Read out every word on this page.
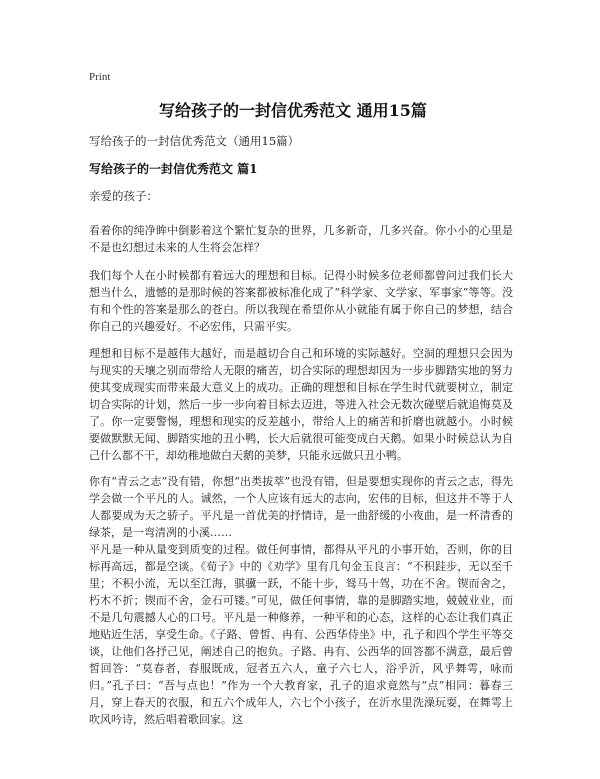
Print
写给孩子的一封信优秀范文 通用15篇
写给孩子的一封信优秀范文（通用15篇）
写给孩子的一封信优秀范文 篇1
亲爱的孩子：

看着你的纯净眸中倒影着这个繁忙复杂的世界，几多新奇，几多兴奋。你小小的心里是不是也幻想过未来的人生将会怎样？

我们每个人在小时候都有着远大的理想和目标。记得小时候多位老师都曾问过我们长大想当什么，遗憾的是那时候的答案都被标准化成了“科学家、文学家、军事家”等等。没有和个性的答案是那么的苍白。所以我现在希望你从小就能有属于你自己的梦想，结合你自己的兴趣爱好。不必宏伟，只需平实。

理想和目标不是越伟大越好，而是越切合自己和环境的实际越好。空洞的理想只会因为与现实的天壤之别而带给人无限的痛苦，切合实际的理想却因为一步步脚踏实地的努力使其变成现实而带来最大意义上的成功。正确的理想和目标在学生时代就要树立，制定切合实际的计划，然后一步一步向着目标去迈进，等进入社会无数次碰壁后就追悔莫及了。你一定要警惕，理想和现实的反差越小，带给人上的痛苦和折磨也就越小。小时候要做默默无闻、脚踏实地的丑小鸭，长大后就很可能变成白天鹅。如果小时候总认为自己什么都不干，却幼稚地做白天鹅的美梦，只能永远做只丑小鸭。

你有“青云之志”没有错，你想“出类拔萃”也没有错，但是要想实现你的青云之志，得先学会做一个平凡的人。诚然，一个人应该有远大的志向，宏伟的目标，但这并不等于人人都要成为天之骄子。平凡是一首优美的抒情诗，是一曲舒缓的小夜曲，是一杯清香的绿茶，是一弯清冽的小溪……

平凡是一种从量变到质变的过程。做任何事情，都得从平凡的小事开始，否则，你的目标再高远，都是空谈。《荀子》中的《劝学》里有几句金玉良言：“不积跬步，无以至千里；不积小流，无以至江海，骐骥一跃，不能十步，驽马十驾，功在不舍。锲而舍之，朽木不折；锲而不舍，金石可镂。”可见，做任何事情，靠的是脚踏实地，兢兢业业，而不是几句震撼人心的口号。平凡是一种修养，一种平和的心态，这样的心态让我们真正地贴近生活，享受生命。《子路、曾皙、冉有、公西华侍坐》中，孔子和四个学生平等交谈，让他们各抒己见，阐述自己的抱负。子路、冉有、公西华的回答都不满意，最后曾皙回答：“莫春者，春服既成，冠者五六人，童子六七人，浴乎沂，风乎舞雩，咏而归。”孔子曰：“吾与点也！”作为一个大教育家，孔子的追求竟然与“点”相同：暮春三月，穿上春天的衣服，和五六个成年人，六七个小孩子，在沂水里洗澡玩耍，在舞雩上吹风吟诗，然后唱着歌回家。这
